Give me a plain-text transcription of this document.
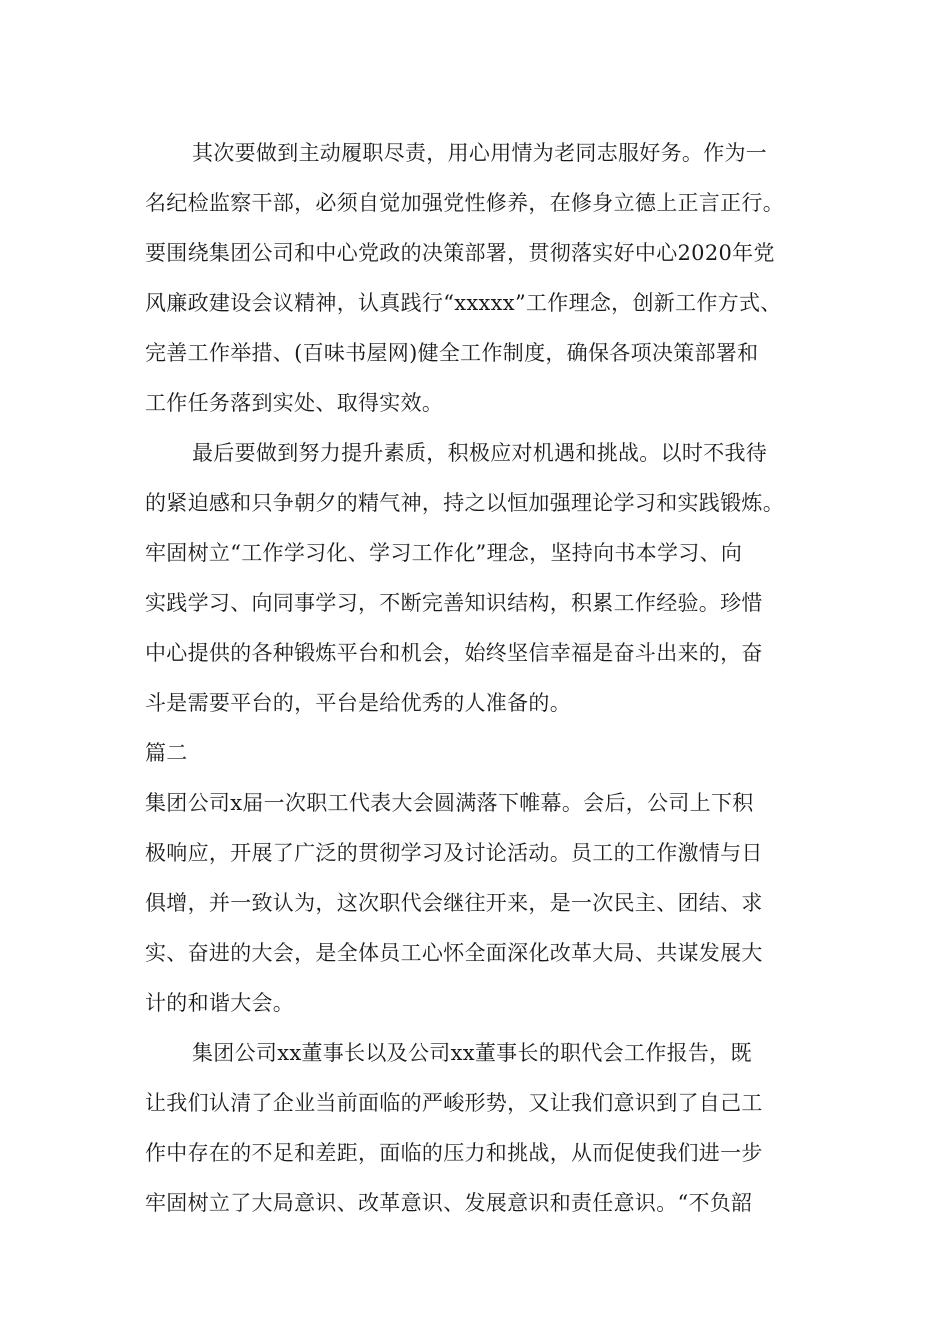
其次要做到主动履职尽责，用心用情为老同志服好务。作为一
名纪检监察干部，必须自觉加强党性修养，在修身立德上正言正行。
要围绕集团公司和中心党政的决策部署，贯彻落实好中心2020年党
风廉政建设会议精神，认真践行“xxxxx”工作理念，创新工作方式、
完善工作举措、(百味书屋网)健全工作制度，确保各项决策部署和
工作任务落到实处、取得实效。
最后要做到努力提升素质，积极应对机遇和挑战。以时不我待
的紧迫感和只争朝夕的精气神，持之以恒加强理论学习和实践锻炼。
牢固树立“工作学习化、学习工作化”理念，坚持向书本学习、向
实践学习、向同事学习，不断完善知识结构，积累工作经验。珍惜
中心提供的各种锻炼平台和机会，始终坚信幸福是奋斗出来的，奋
斗是需要平台的，平台是给优秀的人准备的。
篇二
集团公司x届一次职工代表大会圆满落下帷幕。会后，公司上下积
极响应，开展了广泛的贯彻学习及讨论活动。员工的工作激情与日
俱增，并一致认为，这次职代会继往开来，是一次民主、团结、求
实、奋进的大会，是全体员工心怀全面深化改革大局、共谋发展大
计的和谐大会。
集团公司xx董事长以及公司xx董事长的职代会工作报告，既
让我们认清了企业当前面临的严峻形势，又让我们意识到了自己工
作中存在的不足和差距，面临的压力和挑战，从而促使我们进一步
牢固树立了大局意识、改革意识、发展意识和责任意识。“不负韶
